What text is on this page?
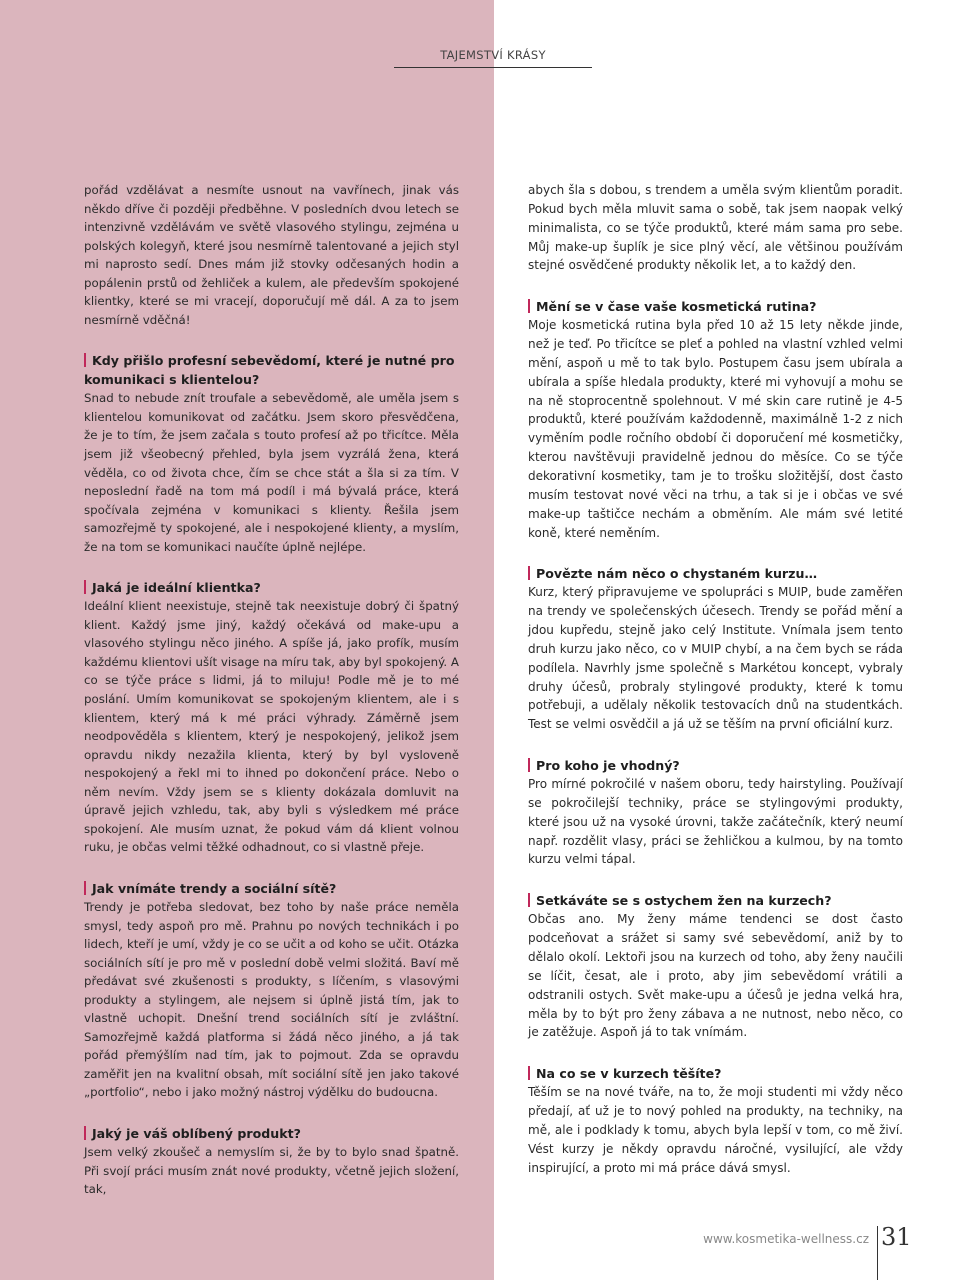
TAJEMSTVÍ KRÁSY

pořád vzdělávat a nesmíte usnout na vavřínech, jinak vás někdo dříve či později předběhne. V posledních dvou letech se intenzivně vzdělávám ve světě vlasového stylingu, zejména u polských kolegyň, které jsou nesmírně talentované a jejich styl mi naprosto sedí. Dnes mám již stovky odčesaných hodin a popálenin prstů od žehliček a kulem, ale především spokojené klientky, které se mi vracejí, doporučují mě dál. A za to jsem nesmírně vděčná!

Kdy přišlo profesní sebevědomí, které je nutné pro komunikaci s klientelou?

Snad to nebude znít troufale a sebevědomě, ale uměla jsem s klientelou komunikovat od začátku. Jsem skoro přesvědčena, že je to tím, že jsem začala s touto profesí až po třicítce. Měla jsem již všeobecný přehled, byla jsem vyzrálá žena, která věděla, co od života chce, čím se chce stát a šla si za tím. V neposlední řadě na tom má podíl i má bývalá práce, která spočívala zejména v komunikaci s klienty. Řešila jsem samozřejmě ty spokojené, ale i nespokojené klienty, a myslím, že na tom se komunikaci naučíte úplně nejlépe.

Jaká je ideální klientka?

Ideální klient neexistuje, stejně tak neexistuje dobrý či špatný klient. Každý jsme jiný, každý očekává od make-upu a vlasového stylingu něco jiného. A spíše já, jako profík, musím každému klientovi ušít visage na míru tak, aby byl spokojený. A co se týče práce s lidmi, já to miluju! Podle mě je to mé poslání. Umím komunikovat se spokojeným klientem, ale i s klientem, který má k mé práci výhrady. Záměrně jsem neodpověděla s klientem, který je nespokojený, jelikož jsem opravdu nikdy nezažila klienta, který by byl vysloveně nespokojený a řekl mi to ihned po dokončení práce. Nebo o něm nevím. Vždy jsem se s klienty dokázala domluvit na úpravě jejich vzhledu, tak, aby byli s výsledkem mé práce spokojení. Ale musím uznat, že pokud vám dá klient volnou ruku, je občas velmi těžké odhadnout, co si vlastně přeje.

Jak vnímáte trendy a sociální sítě?

Trendy je potřeba sledovat, bez toho by naše práce neměla smysl, tedy aspoň pro mě. Prahnu po nových technikách i po lidech, kteří je umí, vždy je co se učit a od koho se učit. Otázka sociálních sítí je pro mě v poslední době velmi složitá. Baví mě předávat své zkušenosti s produkty, s líčením, s vlasovými produkty a stylingem, ale nejsem si úplně jistá tím, jak to vlastně uchopit. Dnešní trend sociálních sítí je zvláštní. Samozřejmě každá platforma si žádá něco jiného, a já tak pořád přemýšlím nad tím, jak to pojmout. Zda se opravdu zaměřit jen na kvalitní obsah, mít sociální sítě jen jako takové „portfolio“, nebo i jako možný nástroj výdělku do budoucna.

Jaký je váš oblíbený produkt?

Jsem velký zkoušeč a nemyslím si, že by to bylo snad špatně. Při svojí práci musím znát nové produkty, včetně jejich složení, tak,

abych šla s dobou, s trendem a uměla svým klientům poradit. Pokud bych měla mluvit sama o sobě, tak jsem naopak velký minimalista, co se týče produktů, které mám sama pro sebe. Můj make-up šuplík je sice plný věcí, ale většinou používám stejné osvědčené produkty několik let, a to každý den.

Mění se v čase vaše kosmetická rutina?

Moje kosmetická rutina byla před 10 až 15 lety někde jinde, než je teď. Po třicítce se pleť a pohled na vlastní vzhled velmi mění, aspoň u mě to tak bylo. Postupem času jsem ubírala a ubírala a spíše hledala produkty, které mi vyhovují a mohu se na ně stoprocentně spolehnout. V mé skin care rutině je 4-5 produktů, které používám každodenně, maximálně 1-2 z nich vyměním podle ročního období či doporučení mé kosmetičky, kterou navštěvuji pravidelně jednou do měsíce. Co se týče dekorativní kosmetiky, tam je to trošku složitější, dost často musím testovat nové věci na trhu, a tak si je i občas ve své make-up taštičce nechám a obměním. Ale mám své letité koně, které neměním.

Povězte nám něco o chystaném kurzu…

Kurz, který připravujeme ve spolupráci s MUIP, bude zaměřen na trendy ve společenských účesech. Trendy se pořád mění a jdou kupředu, stejně jako celý Institute. Vnímala jsem tento druh kurzu jako něco, co v MUIP chybí, a na čem bych se ráda podílela. Navrhly jsme společně s Markétou koncept, vybraly druhy účesů, probraly stylingové produkty, které k tomu potřebuji, a udělaly několik testovacích dnů na studentkách. Test se velmi osvědčil a já už se těším na první oficiální kurz.

Pro koho je vhodný?

Pro mírné pokročilé v našem oboru, tedy hairstyling. Používají se pokročilejší techniky, práce se stylingovými produkty, které jsou už na vysoké úrovni, takže začátečník, který neumí např. rozdělit vlasy, práci se žehličkou a kulmou, by na tomto kurzu velmi tápal.

Setkáváte se s ostychem žen na kurzech?

Občas ano. My ženy máme tendenci se dost často podceňovat a srážet si samy své sebevědomí, aniž by to dělalo okolí. Lektoři jsou na kurzech od toho, aby ženy naučili se líčit, česat, ale i proto, aby jim sebevědomí vrátili a odstranili ostych. Svět make-upu a účesů je jedna velká hra, měla by to být pro ženy zábava a ne nutnost, nebo něco, co je zatěžuje. Aspoň já to tak vnímám.

Na co se v kurzech těšíte?

Těším se na nové tváře, na to, že moji studenti mi vždy něco předají, ať už je to nový pohled na produkty, na techniky, na mě, ale i podklady k tomu, abych byla lepší v tom, co mě živí. Vést kurzy je někdy opravdu náročné, vysilující, ale vždy inspirující, a proto mi má práce dává smysl.

www.kosmetika-wellness.cz 31
